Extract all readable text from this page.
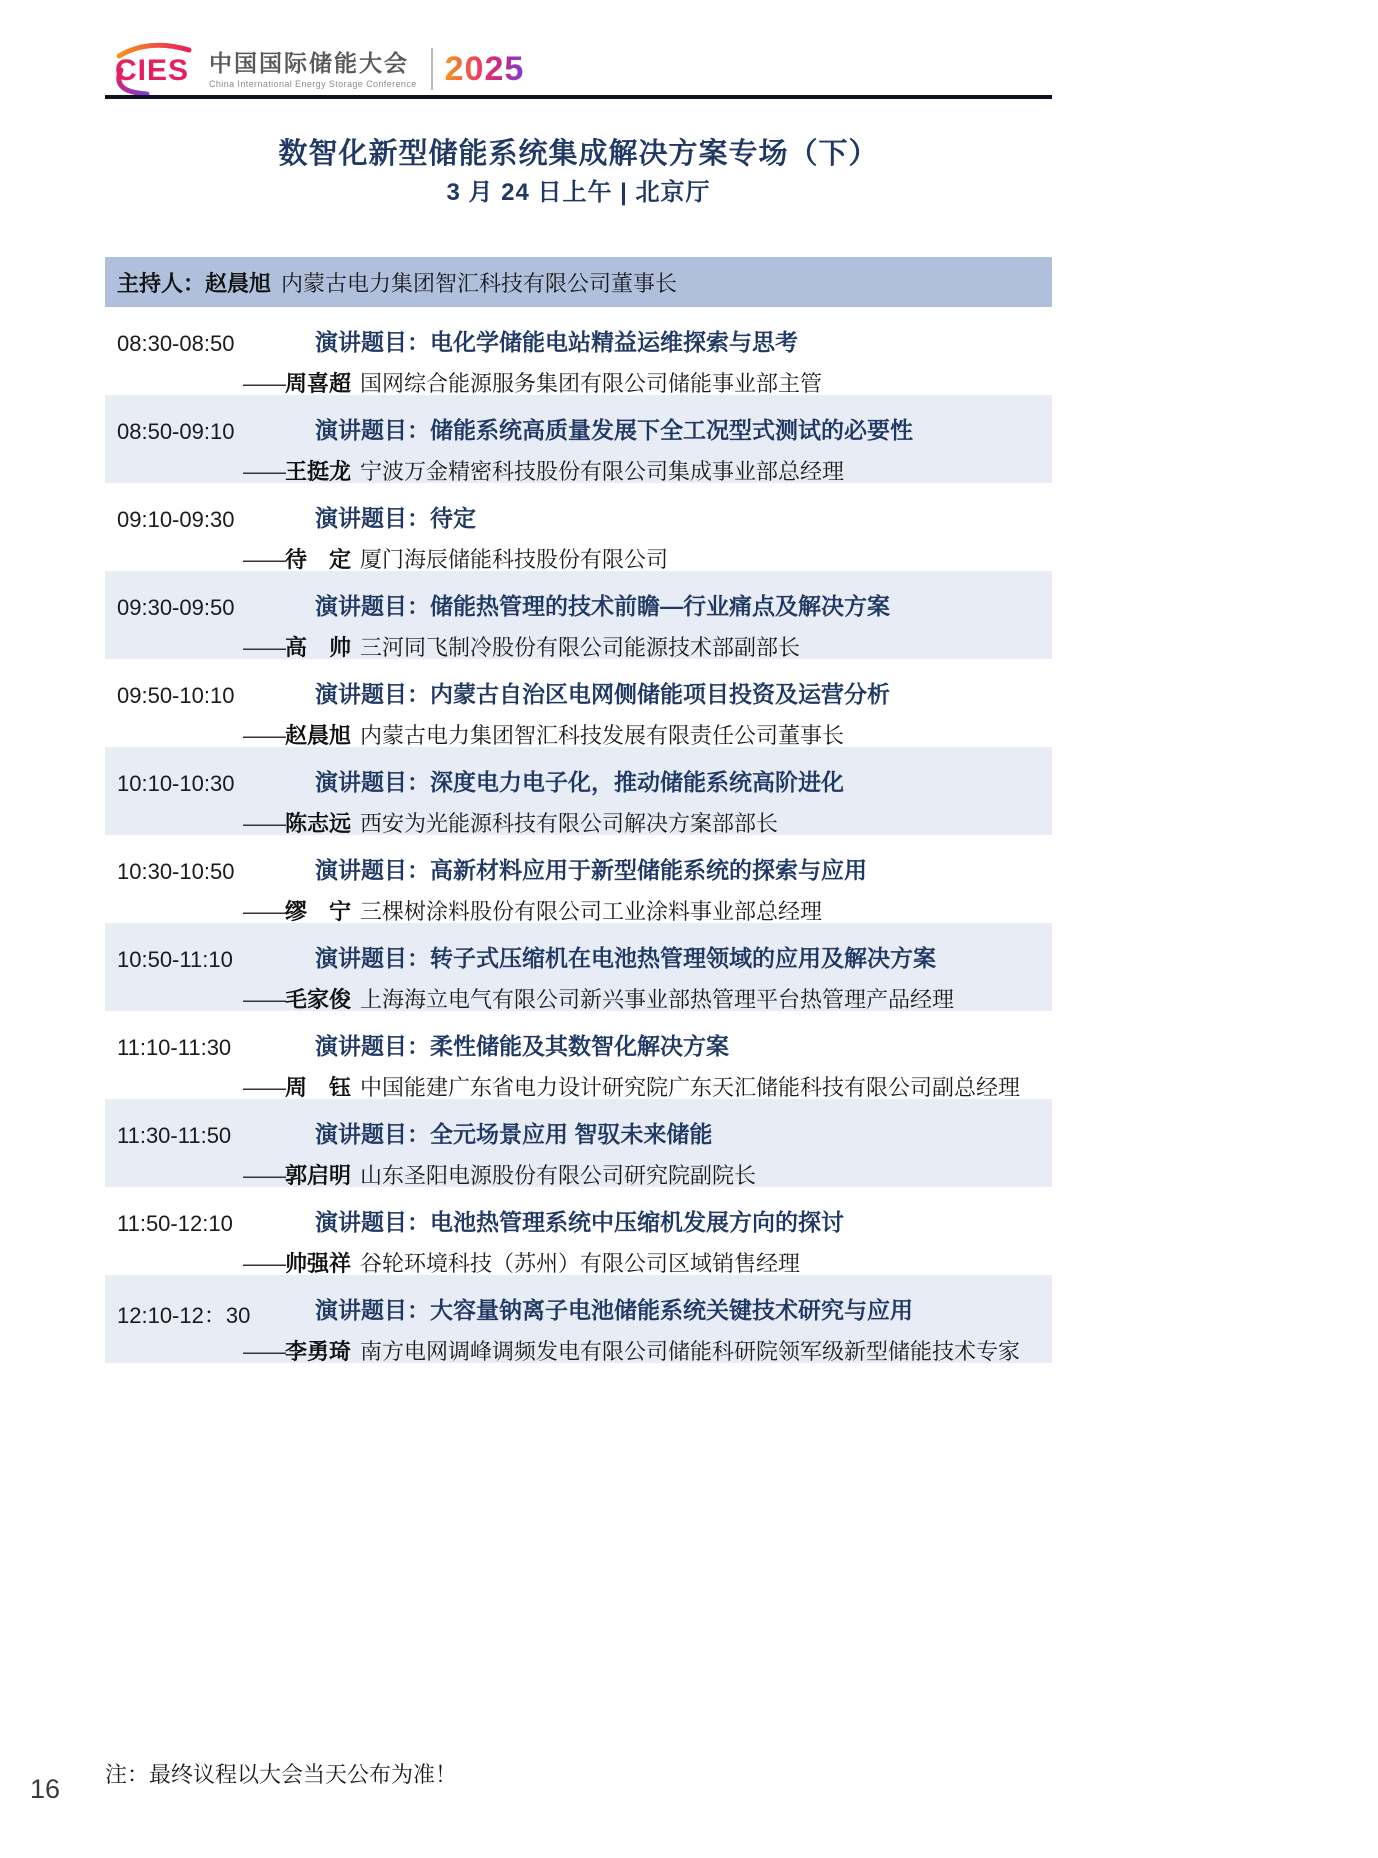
CIES 中国国际储能大会
China International Energy Storage Conference 2025
数智化新型储能系统集成解决方案专场（下）
3 月 24 日上午 | 北京厅
主持人： 赵晨旭 内蒙古电力集团智汇科技有限公司董事长
08:30-08:50	演讲题目：电化学储能电站精益运维探索与思考
——周喜超 国网综合能源服务集团有限公司储能事业部主管
08:50-09:10	演讲题目：储能系统高质量发展下全工况型式测试的必要性
——王挺龙 宁波万金精密科技股份有限公司集成事业部总经理
09:10-09:30	演讲题目：待定
——待　定 厦门海辰储能科技股份有限公司
09:30-09:50	演讲题目：储能热管理的技术前瞻—行业痛点及解决方案
——高　帅 三河同飞制冷股份有限公司能源技术部副部长
09:50-10:10	演讲题目：内蒙古自治区电网侧储能项目投资及运营分析
——赵晨旭 内蒙古电力集团智汇科技发展有限责任公司董事长
10:10-10:30	演讲题目：深度电力电子化，推动储能系统高阶进化
——陈志远 西安为光能源科技有限公司解决方案部部长
10:30-10:50	演讲题目：高新材料应用于新型储能系统的探索与应用
——缪　宁 三棵树涂料股份有限公司工业涂料事业部总经理
10:50-11:10	演讲题目：转子式压缩机在电池热管理领域的应用及解决方案
——毛家俊 上海海立电气有限公司新兴事业部热管理平台热管理产品经理
11:10-11:30	演讲题目：柔性储能及其数智化解决方案
——周　钰 中国能建广东省电力设计研究院广东天汇储能科技有限公司副总经理
11:30-11:50	演讲题目：全元场景应用 智驭未来储能
——郭启明 山东圣阳电源股份有限公司研究院副院长
11:50-12:10	演讲题目：电池热管理系统中压缩机发展方向的探讨
——帅强祥 谷轮环境科技（苏州）有限公司区域销售经理
12:10-12：30	演讲题目：大容量钠离子电池储能系统关键技术研究与应用
——李勇琦 南方电网调峰调频发电有限公司储能科研院领军级新型储能技术专家
注：最终议程以大会当天公布为准！
16
